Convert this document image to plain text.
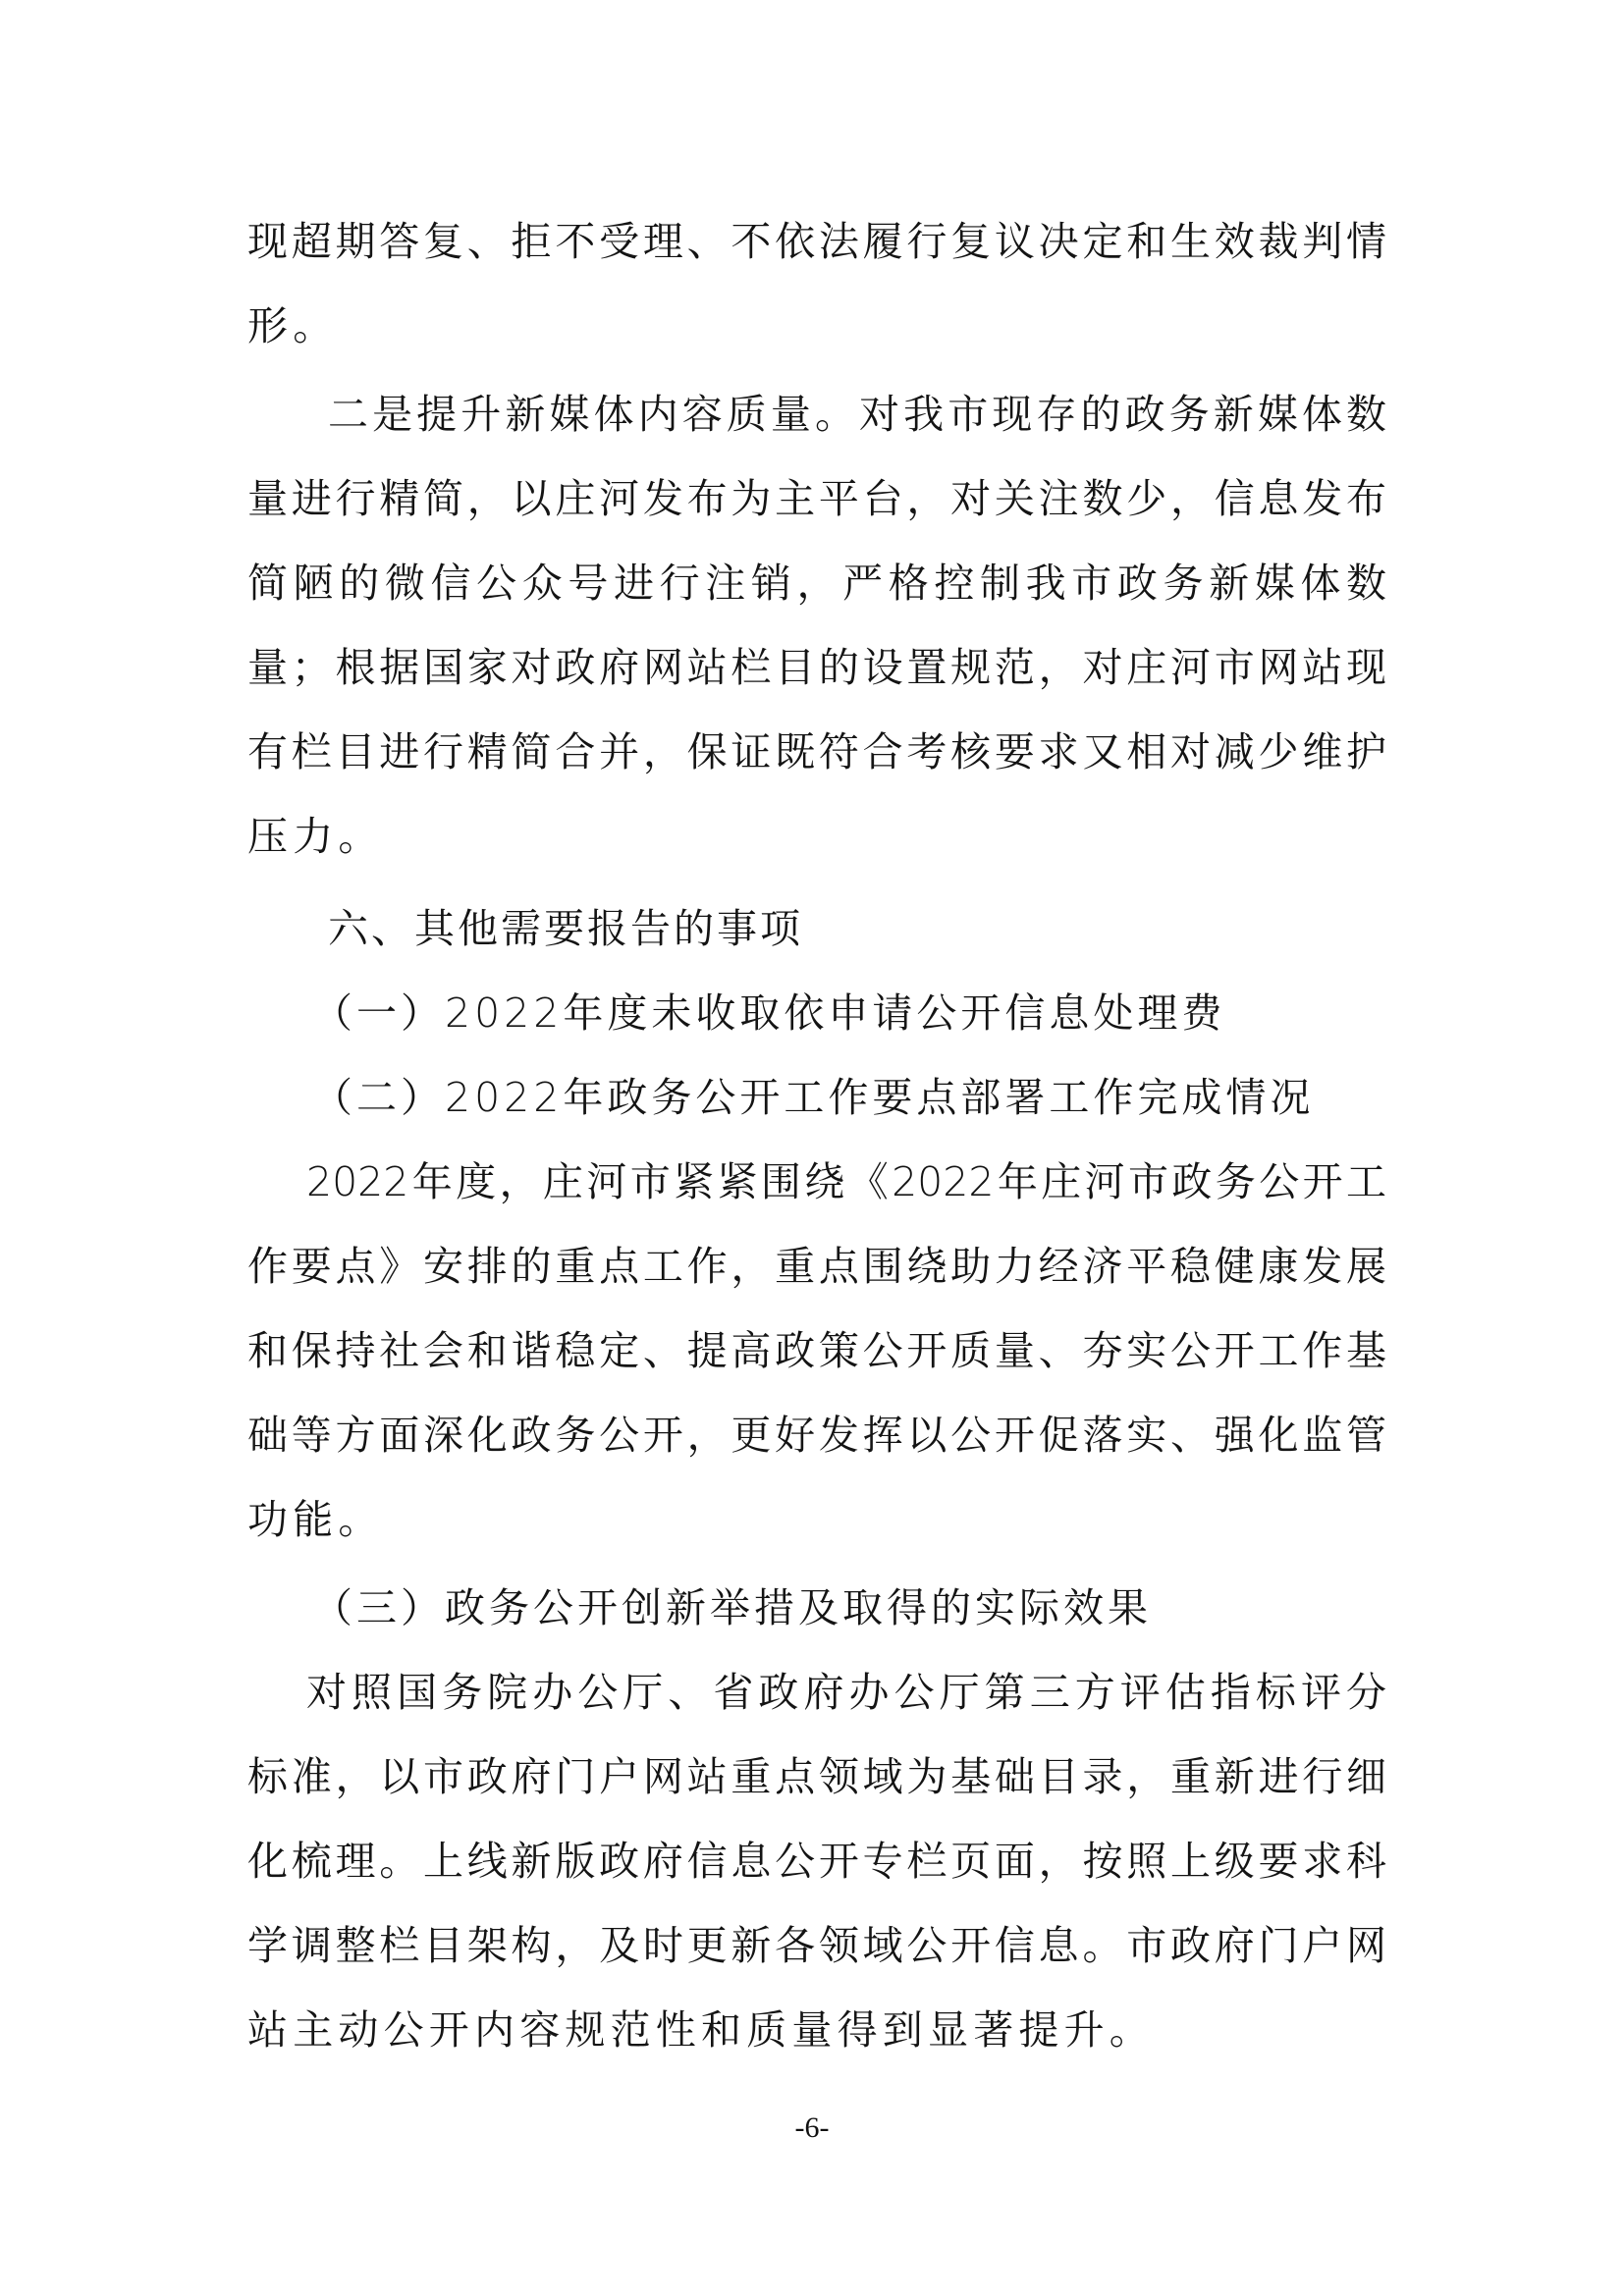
现超期答复、拒不受理、不依法履行复议决定和生效裁判情
形。
二是提升新媒体内容质量。对我市现存的政务新媒体数
量进行精简，以庄河发布为主平台，对关注数少，信息发布
简陋的微信公众号进行注销，严格控制我市政务新媒体数
量；根据国家对政府网站栏目的设置规范，对庄河市网站现
有栏目进行精简合并，保证既符合考核要求又相对减少维护
压力。
六、其他需要报告的事项
（一）2022年度未收取依申请公开信息处理费
（二）2022年政务公开工作要点部署工作完成情况
2022年度，庄河市紧紧围绕《2022年庄河市政务公开工
作要点》安排的重点工作，重点围绕助力经济平稳健康发展
和保持社会和谐稳定、提高政策公开质量、夯实公开工作基
础等方面深化政务公开，更好发挥以公开促落实、强化监管
功能。
（三）政务公开创新举措及取得的实际效果
对照国务院办公厅、省政府办公厅第三方评估指标评分
标准，以市政府门户网站重点领域为基础目录，重新进行细
化梳理。上线新版政府信息公开专栏页面，按照上级要求科
学调整栏目架构，及时更新各领域公开信息。市政府门户网
站主动公开内容规范性和质量得到显著提升。
-6-
